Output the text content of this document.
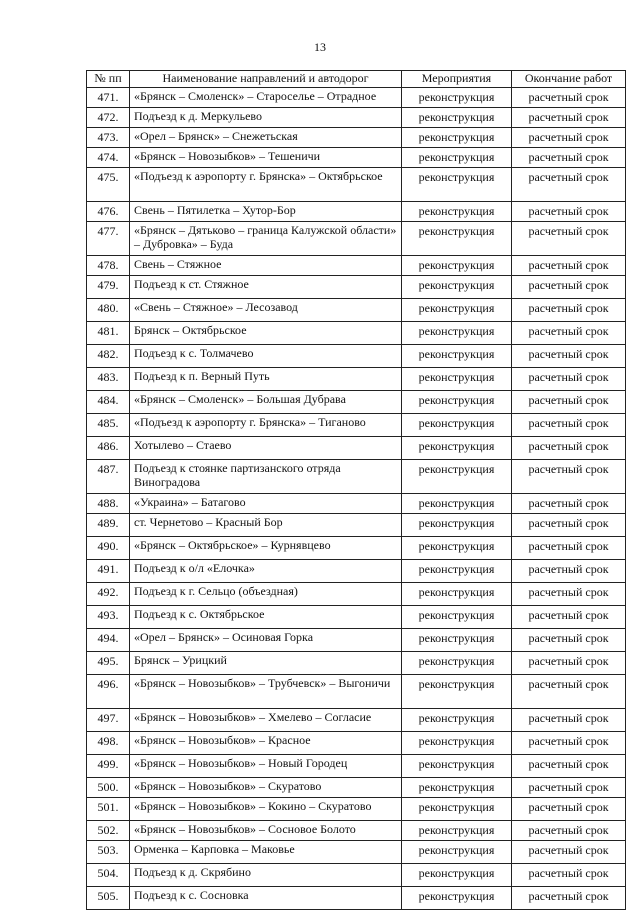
13
№ пп	Наименование направлений и автодорог	Мероприятия	Окончание работ
471.	«Брянск – Смоленск» – Староселье – Отрадное	реконструкция	расчетный срок
472.	Подъезд к д. Меркульево	реконструкция	расчетный срок
473.	«Орел – Брянск» – Снежетьская	реконструкция	расчетный срок
474.	«Брянск – Новозыбков» – Тешеничи	реконструкция	расчетный срок
475.	«Подъезд к аэропорту г. Брянска» – Октябрьское	реконструкция	расчетный срок
476.	Свень – Пятилетка – Хутор-Бор	реконструкция	расчетный срок
477.	«Брянск – Дятьково – граница Калужской области» – Дубровка» – Буда	реконструкция	расчетный срок
478.	Свень – Стяжное	реконструкция	расчетный срок
479.	Подъезд к ст. Стяжное	реконструкция	расчетный срок
480.	«Свень – Стяжное» – Лесозавод	реконструкция	расчетный срок
481.	Брянск – Октябрьское	реконструкция	расчетный срок
482.	Подъезд к с. Толмачево	реконструкция	расчетный срок
483.	Подъезд к п. Верный Путь	реконструкция	расчетный срок
484.	«Брянск – Смоленск» – Большая Дубрава	реконструкция	расчетный срок
485.	«Подъезд к аэропорту г. Брянска» – Тиганово	реконструкция	расчетный срок
486.	Хотылево – Стаево	реконструкция	расчетный срок
487.	Подъезд к стоянке партизанского отряда Виноградова	реконструкция	расчетный срок
488.	«Украина» – Батагово	реконструкция	расчетный срок
489.	ст. Чернетово – Красный Бор	реконструкция	расчетный срок
490.	«Брянск – Октябрьское» – Курнявцево	реконструкция	расчетный срок
491.	Подъезд к о/л «Елочка»	реконструкция	расчетный срок
492.	Подъезд к г. Сельцо (объездная)	реконструкция	расчетный срок
493.	Подъезд к с. Октябрьское	реконструкция	расчетный срок
494.	«Орел – Брянск» – Осиновая Горка	реконструкция	расчетный срок
495.	Брянск – Урицкий	реконструкция	расчетный срок
496.	«Брянск – Новозыбков» – Трубчевск» – Выгоничи	реконструкция	расчетный срок
497.	«Брянск – Новозыбков» – Хмелево – Согласие	реконструкция	расчетный срок
498.	«Брянск – Новозыбков» – Красное	реконструкция	расчетный срок
499.	«Брянск – Новозыбков» – Новый Городец	реконструкция	расчетный срок
500.	«Брянск – Новозыбков» – Скуратово	реконструкция	расчетный срок
501.	«Брянск – Новозыбков» – Кокино – Скуратово	реконструкция	расчетный срок
502.	«Брянск – Новозыбков» – Сосновое Болото	реконструкция	расчетный срок
503.	Орменка – Карповка – Маковье	реконструкция	расчетный срок
504.	Подъезд к д. Скрябино	реконструкция	расчетный срок
505.	Подъезд к с. Сосновка	реконструкция	расчетный срок
